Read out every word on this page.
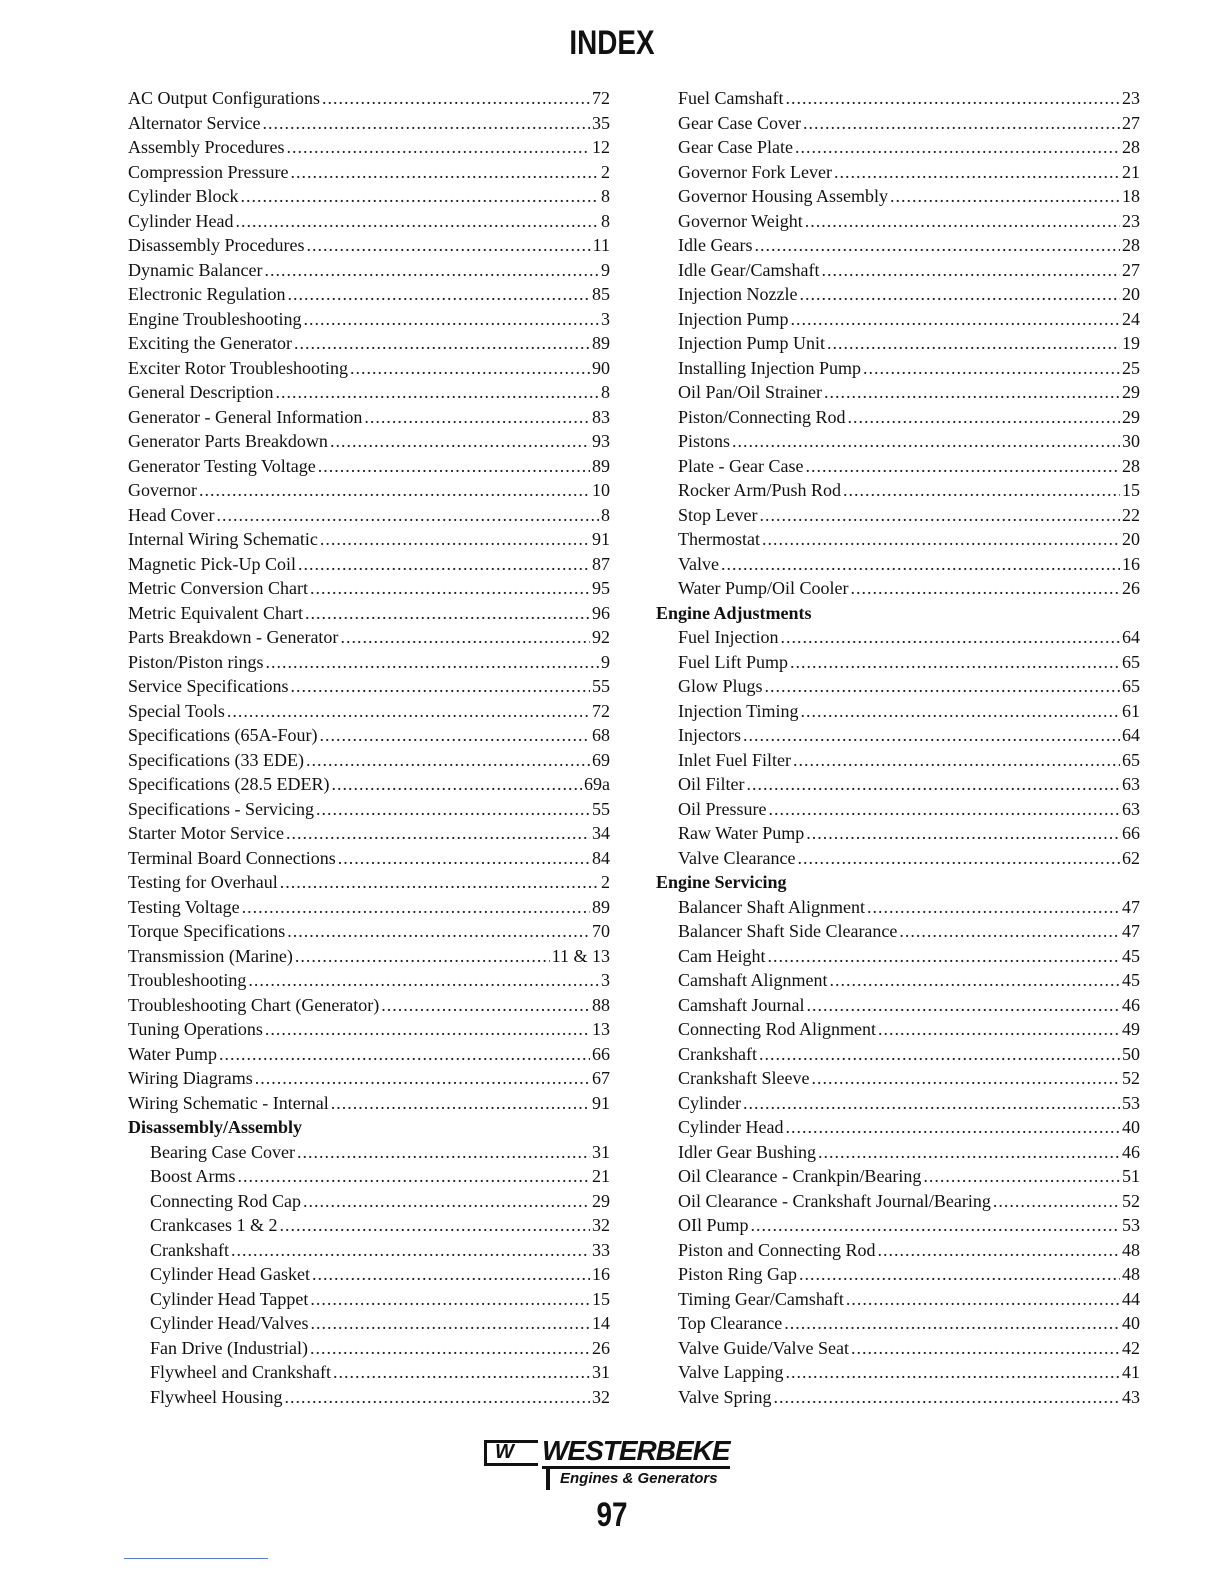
INDEX
AC Output Configurations .....	72
Alternator Service .....	35
Assembly Procedures .....	12
Compression Pressure .....	2
Cylinder Block .....	8
Cylinder Head .....	8
Disassembly Procedures .....	11
Dynamic Balancer .....	9
Electronic Regulation .....	85
Engine Troubleshooting .....	3
Exciting the Generator .....	89
Exciter Rotor Troubleshooting .....	90
General Description .....	8
Generator - General Information .....	83
Generator Parts Breakdown .....	93
Generator Testing Voltage .....	89
Governor .....	10
Head Cover .....	8
Internal Wiring Schematic .....	91
Magnetic Pick-Up Coil .....	87
Metric Conversion Chart .....	95
Metric Equivalent Chart .....	96
Parts Breakdown - Generator .....	92
Piston/Piston rings .....	9
Service Specifications .....	55
Special Tools .....	72
Specifications (65A-Four) .....	68
Specifications (33 EDE) .....	69
Specifications (28.5 EDER) .....	69a
Specifications - Servicing .....	55
Starter Motor Service .....	34
Terminal Board Connections .....	84
Testing for Overhaul .....	2
Testing Voltage .....	89
Torque Specifications .....	70
Transmission (Marine) .....	11 & 13
Troubleshooting .....	3
Troubleshooting Chart (Generator) .....	88
Tuning Operations .....	13
Water Pump .....	66
Wiring Diagrams .....	67
Wiring Schematic - Internal .....	91
Disassembly/Assembly
Bearing Case Cover .....	31
Boost Arms .....	21
Connecting Rod Cap .....	29
Crankcases 1 & 2 .....	32
Crankshaft .....	33
Cylinder Head Gasket .....	16
Cylinder Head Tappet .....	15
Cylinder Head/Valves .....	14
Fan Drive (Industrial) .....	26
Flywheel and Crankshaft .....	31
Flywheel Housing .....	32
Fuel Camshaft .....	23
Gear Case Cover .....	27
Gear Case Plate .....	28
Governor Fork Lever .....	21
Governor Housing Assembly .....	18
Governor Weight .....	23
Idle Gears .....	28
Idle Gear/Camshaft .....	27
Injection Nozzle .....	20
Injection Pump .....	24
Injection Pump Unit .....	19
Installing Injection Pump .....	25
Oil Pan/Oil Strainer .....	29
Piston/Connecting Rod .....	29
Pistons .....	30
Plate - Gear Case .....	28
Rocker Arm/Push Rod .....	15
Stop Lever .....	22
Thermostat .....	20
Valve .....	16
Water Pump/Oil Cooler .....	26
Engine Adjustments
Fuel Injection .....	64
Fuel Lift Pump .....	65
Glow Plugs .....	65
Injection Timing .....	61
Injectors .....	64
Inlet Fuel Filter .....	65
Oil Filter .....	63
Oil Pressure .....	63
Raw Water Pump .....	66
Valve Clearance .....	62
Engine Servicing
Balancer Shaft Alignment .....	47
Balancer Shaft Side Clearance .....	47
Cam Height .....	45
Camshaft Alignment .....	45
Camshaft Journal .....	46
Connecting Rod Alignment .....	49
Crankshaft .....	50
Crankshaft Sleeve .....	52
Cylinder .....	53
Cylinder Head .....	40
Idler Gear Bushing .....	46
Oil Clearance - Crankpin/Bearing .....	51
Oil Clearance - Crankshaft Journal/Bearing .....	52
OIl Pump .....	53
Piston and Connecting Rod .....	48
Piston Ring Gap .....	48
Timing Gear/Camshaft .....	44
Top Clearance .....	40
Valve Guide/Valve Seat .....	42
Valve Lapping .....	41
Valve Spring .....	43
W WESTERBEKE
Engines & Generators
97
